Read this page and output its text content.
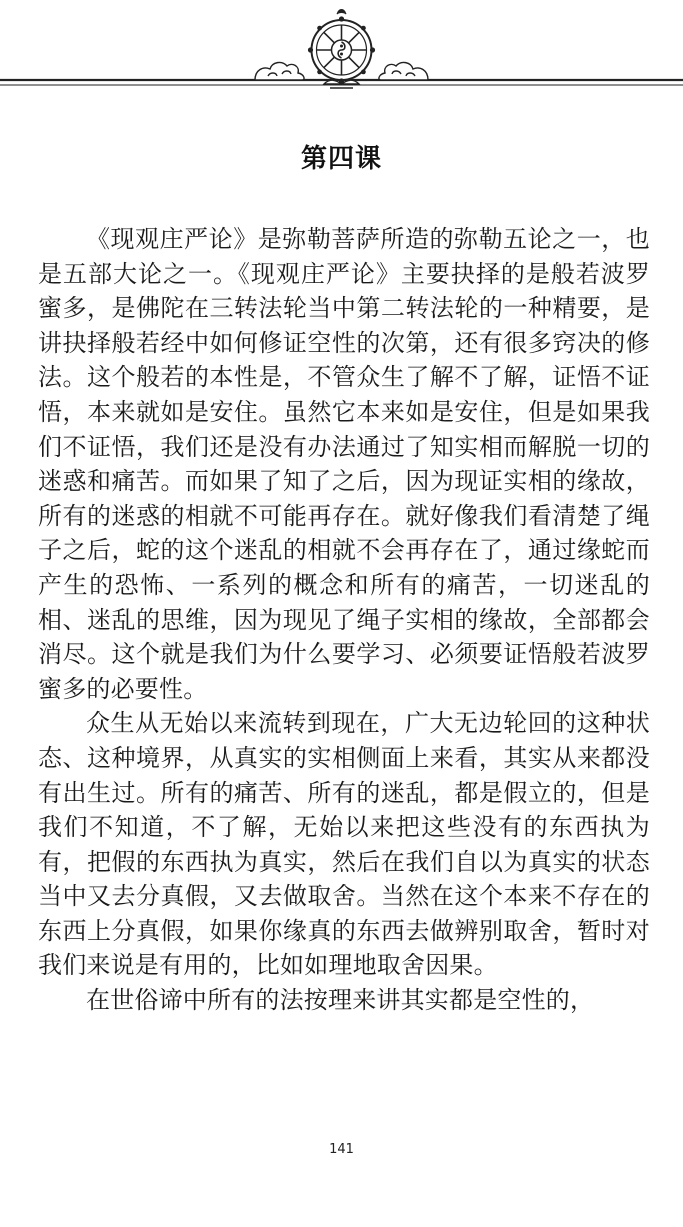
第四课

《现观庄严论》是弥勒菩萨所造的弥勒五论之一，也是五部大论之一。《现观庄严论》主要抉择的是般若波罗蜜多，是佛陀在三转法轮当中第二转法轮的一种精要，是讲抉择般若经中如何修证空性的次第，还有很多窍决的修法。这个般若的本性是，不管众生了解不了解，证悟不证悟，本来就如是安住。虽然它本来如是安住，但是如果我们不证悟，我们还是没有办法通过了知实相而解脱一切的迷惑和痛苦。而如果了知了之后，因为现证实相的缘故，所有的迷惑的相就不可能再存在。就好像我们看清楚了绳子之后，蛇的这个迷乱的相就不会再存在了，通过缘蛇而产生的恐怖、一系列的概念和所有的痛苦，一切迷乱的相、迷乱的思维，因为现见了绳子实相的缘故，全部都会消尽。这个就是我们为什么要学习、必须要证悟般若波罗蜜多的必要性。

众生从无始以来流转到现在，广大无边轮回的这种状态、这种境界，从真实的实相侧面上来看，其实从来都没有出生过。所有的痛苦、所有的迷乱，都是假立的，但是我们不知道，不了解，无始以来把这些没有的东西执为有，把假的东西执为真实，然后在我们自以为真实的状态当中又去分真假，又去做取舍。当然在这个本来不存在的东西上分真假，如果你缘真的东西去做辨别取舍，暂时对我们来说是有用的，比如如理地取舍因果。

在世俗谛中所有的法按理来讲其实都是空性的，

141
